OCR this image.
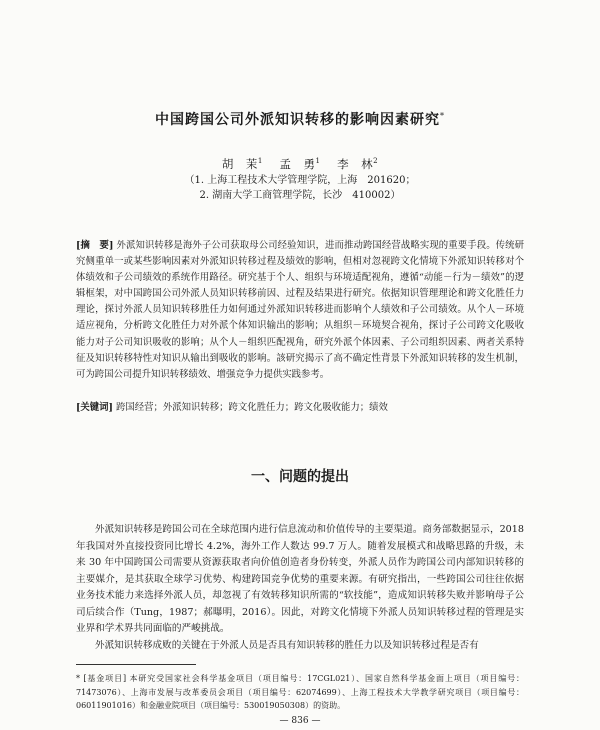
中国跨国公司外派知识转移的影响因素研究*
胡　茉$^1$ 孟　勇$^1$ 李　林$^2$
（1. 上海工程技术大学管理学院，上海　201620；
2. 湖南大学工商管理学院，长沙　410002）
[摘　要] 外派知识转移是海外子公司获取母公司经验知识，进而推动跨国经营战略实现的重要手段。传统研究侧重单一或某些影响因素对外派知识转移过程及绩效的影响，但相对忽视跨文化情境下外派知识转移对个体绩效和子公司绩效的系统作用路径。研究基于个人、组织与环境适配视角，遵循“动能－行为－绩效”的逻辑框架，对中国跨国公司外派人员知识转移前因、过程及结果进行研究。依据知识管理理论和跨文化胜任力理论，探讨外派人员知识转移胜任力如何通过外派知识转移进而影响个人绩效和子公司绩效。从个人－环境适应视角，分析跨文化胜任力对外派个体知识输出的影响；从组织－环境契合视角，探讨子公司跨文化吸收能力对子公司知识吸收的影响；从个人－组织匹配视角，研究外派个体因素、子公司组织因素、两者关系特征及知识转移特性对知识从输出到吸收的影响。該研究揭示了高不确定性背景下外派知识转移的发生机制，可为跨国公司提升知识转移绩效、增强竞争力提供实践参考。
[关键词] 跨国经营；外派知识转移；跨文化胜任力；跨文化吸收能力；绩效
一、问题的提出
外派知识转移是跨国公司在全球范围内进行信息流动和价值传导的主要渠道。商务部数据显示，2018 年我国对外直接投资同比增长 4.2%，海外工作人数达 99.7 万人。随着发展模式和战略思路的升级，未来 30 年中国跨国公司需要从资源获取者向价值创造者身份转变，外派人员作为跨国公司内部知识转移的主要媒介，是其获取全球学习优势、构建跨国竞争优势的重要来源。有研究指出，一些跨国公司往往依据业务技术能力来选择外派人员，却忽视了有效转移知识所需的“软技能”，造成知识转移失败并影响母子公司后续合作（Tung，1987；郝曝明，2016）。因此，对跨文化情境下外派人员知识转移过程的管理是实业界和学术界共同面临的严峻挑战。
外派知识转移成败的关键在于外派人员是否具有知识转移的胜任力以及知识转移过程是否有
* [基金项目] 本研究受国家社会科学基金项目（项目编号：17CGL021）、国家自然科学基金面上项目（项目编号：71473076）、上海市发展与改革委员会项目（项目编号：62074699）、上海工程技术大学教学研究项目（项目编号：06011901016）和金融业院项目（项目编号：530019050308）的资助。
— 836 —
